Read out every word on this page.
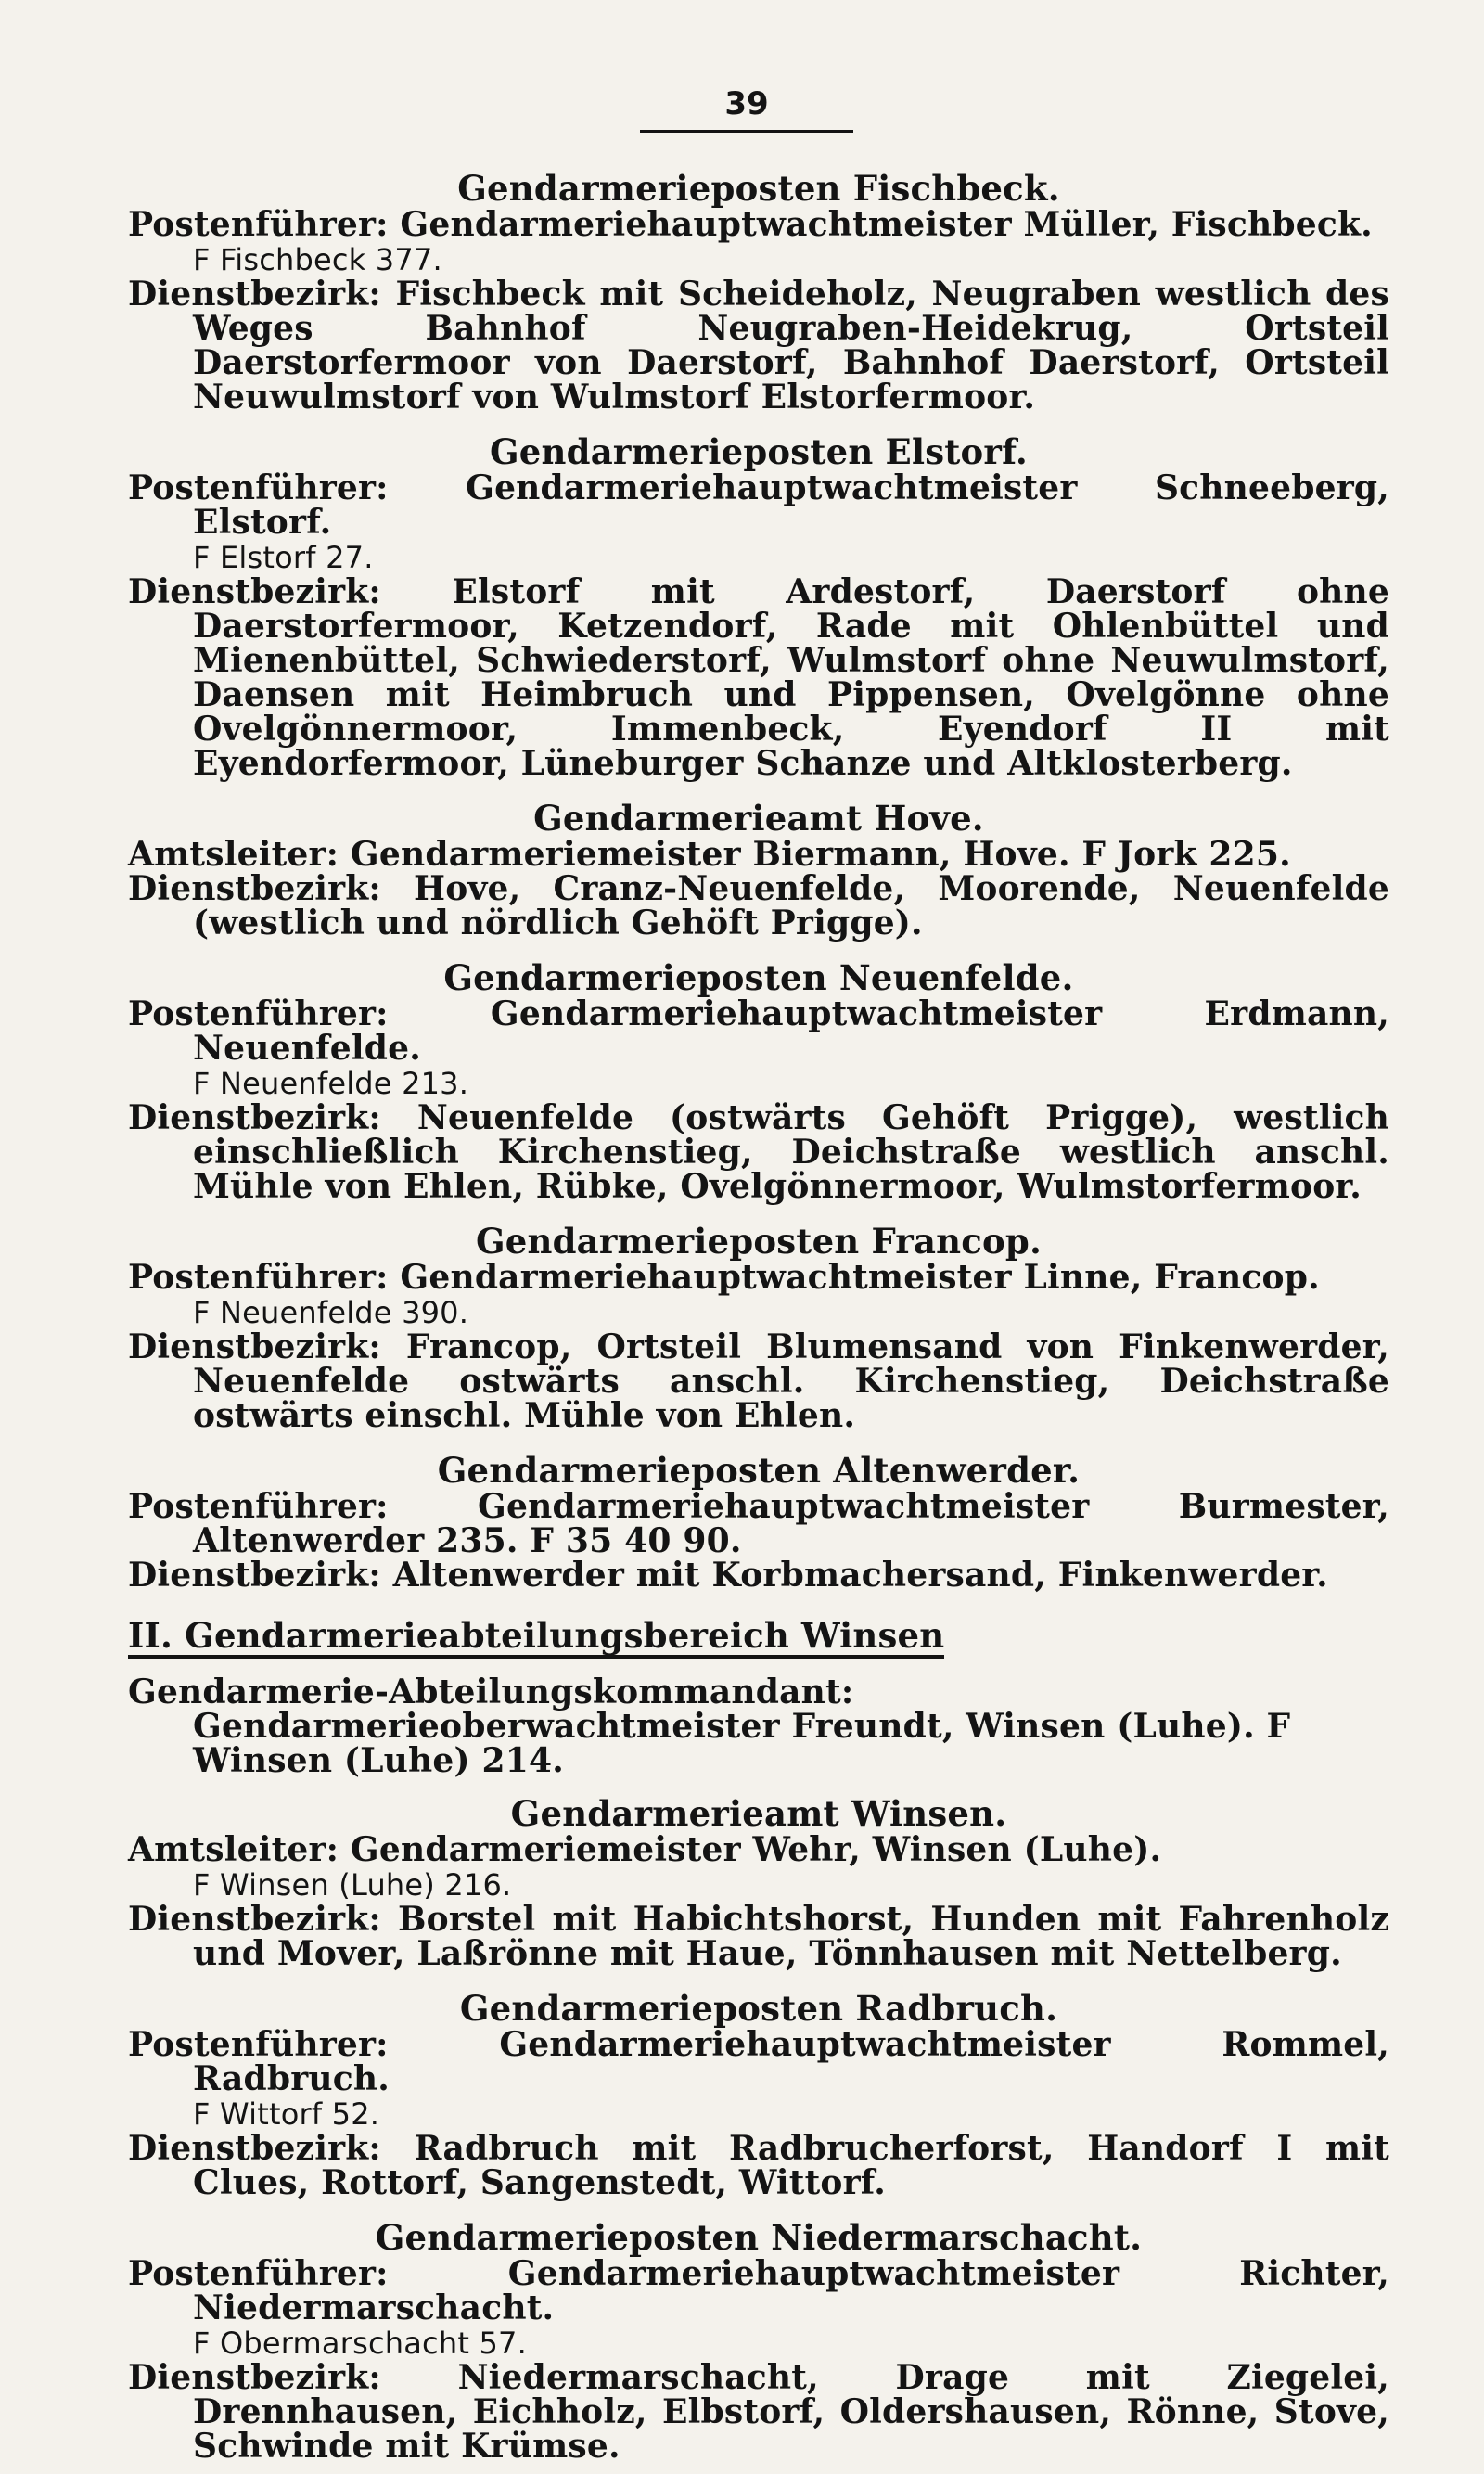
39
Gendarmerieposten Fischbeck.

Postenführer: Gendarmeriehauptwachtmeister Müller, Fischbeck.

F Fischbeck 377.

Dienstbezirk: Fischbeck mit Scheideholz, Neugraben westlich des Weges Bahnhof Neugraben-Heidekrug, Ortsteil Daerstorfermoor von Daerstorf, Bahnhof Daerstorf, Ortsteil Neuwulmstorf von Wulmstorf Elstorfermoor.

Gendarmerieposten Elstorf.

Postenführer: Gendarmeriehauptwachtmeister Schneeberg, Elstorf.

F Elstorf 27.

Dienstbezirk: Elstorf mit Ardestorf, Daerstorf ohne Daerstorfermoor, Ketzendorf, Rade mit Ohlenbüttel und Mienenbüttel, Schwiederstorf, Wulmstorf ohne Neuwulmstorf, Daensen mit Heimbruch und Pippensen, Ovelgönne ohne Ovelgönnermoor, Immenbeck, Eyendorf II mit Eyendorfermoor, Lüneburger Schanze und Altklosterberg.

Gendarmerieamt Hove.

Amtsleiter: Gendarmeriemeister Biermann, Hove. F Jork 225.

Dienstbezirk: Hove, Cranz-Neuenfelde, Moorende, Neuenfelde (westlich und nördlich Gehöft Prigge).

Gendarmerieposten Neuenfelde.

Postenführer:	Gendarmeriehauptwachtmeister Erdmann, Neuenfelde.

F Neuenfelde 213.

Dienstbezirk: Neuenfelde (ostwärts Gehöft Prigge), westlich einschließlich Kirchenstieg, Deichstraße westlich anschl. Mühle von Ehlen, Rübke, Ovelgönnermoor, Wulmstorfermoor.

Gendarmerieposten Francop.

Postenführer: Gendarmeriehauptwachtmeister Linne, Francop.

F Neuenfelde 390.

Dienstbezirk: Francop, Ortsteil Blumensand von Finkenwerder, Neuenfelde ostwärts anschl. Kirchenstieg, Deichstraße ostwärts einschl. Mühle von Ehlen.

Gendarmerieposten Altenwerder.

Postenführer:	Gendarmeriehauptwachtmeister Burmester, Altenwerder 235. F 35 40 90.

Dienstbezirk: Altenwerder mit Korbmachersand, Finkenwerder.

II. Gendarmerieabteilungsbereich Winsen

Gendarmerie-Abteilungskommandant: Gendarmerieoberwachtmeister Freundt, Winsen (Luhe). F Winsen (Luhe) 214.

Gendarmerieamt Winsen.

Amtsleiter: Gendarmeriemeister Wehr, Winsen (Luhe).

F Winsen (Luhe) 216.

Dienstbezirk: Borstel mit Habichtshorst, Hunden mit Fahrenholz und Mover, Laßrönne mit Haue, Tönnhausen mit Nettelberg.

Gendarmerieposten Radbruch.

Postenführer:	Gendarmeriehauptwachtmeister Rommel, Radbruch.

F Wittorf 52.

Dienstbezirk: Radbruch mit Radbrucherforst, Handorf I mit Clues, Rottorf, Sangenstedt, Wittorf.

Gendarmerieposten Niedermarschacht.

Postenführer:	Gendarmeriehauptwachtmeister Richter, Niedermarschacht.

F Obermarschacht 57.

Dienstbezirk: Niedermarschacht, Drage mit Ziegelei, Drennhausen, Eichholz, Elbstorf, Oldershausen, Rönne, Stove, Schwinde mit Krümse.
